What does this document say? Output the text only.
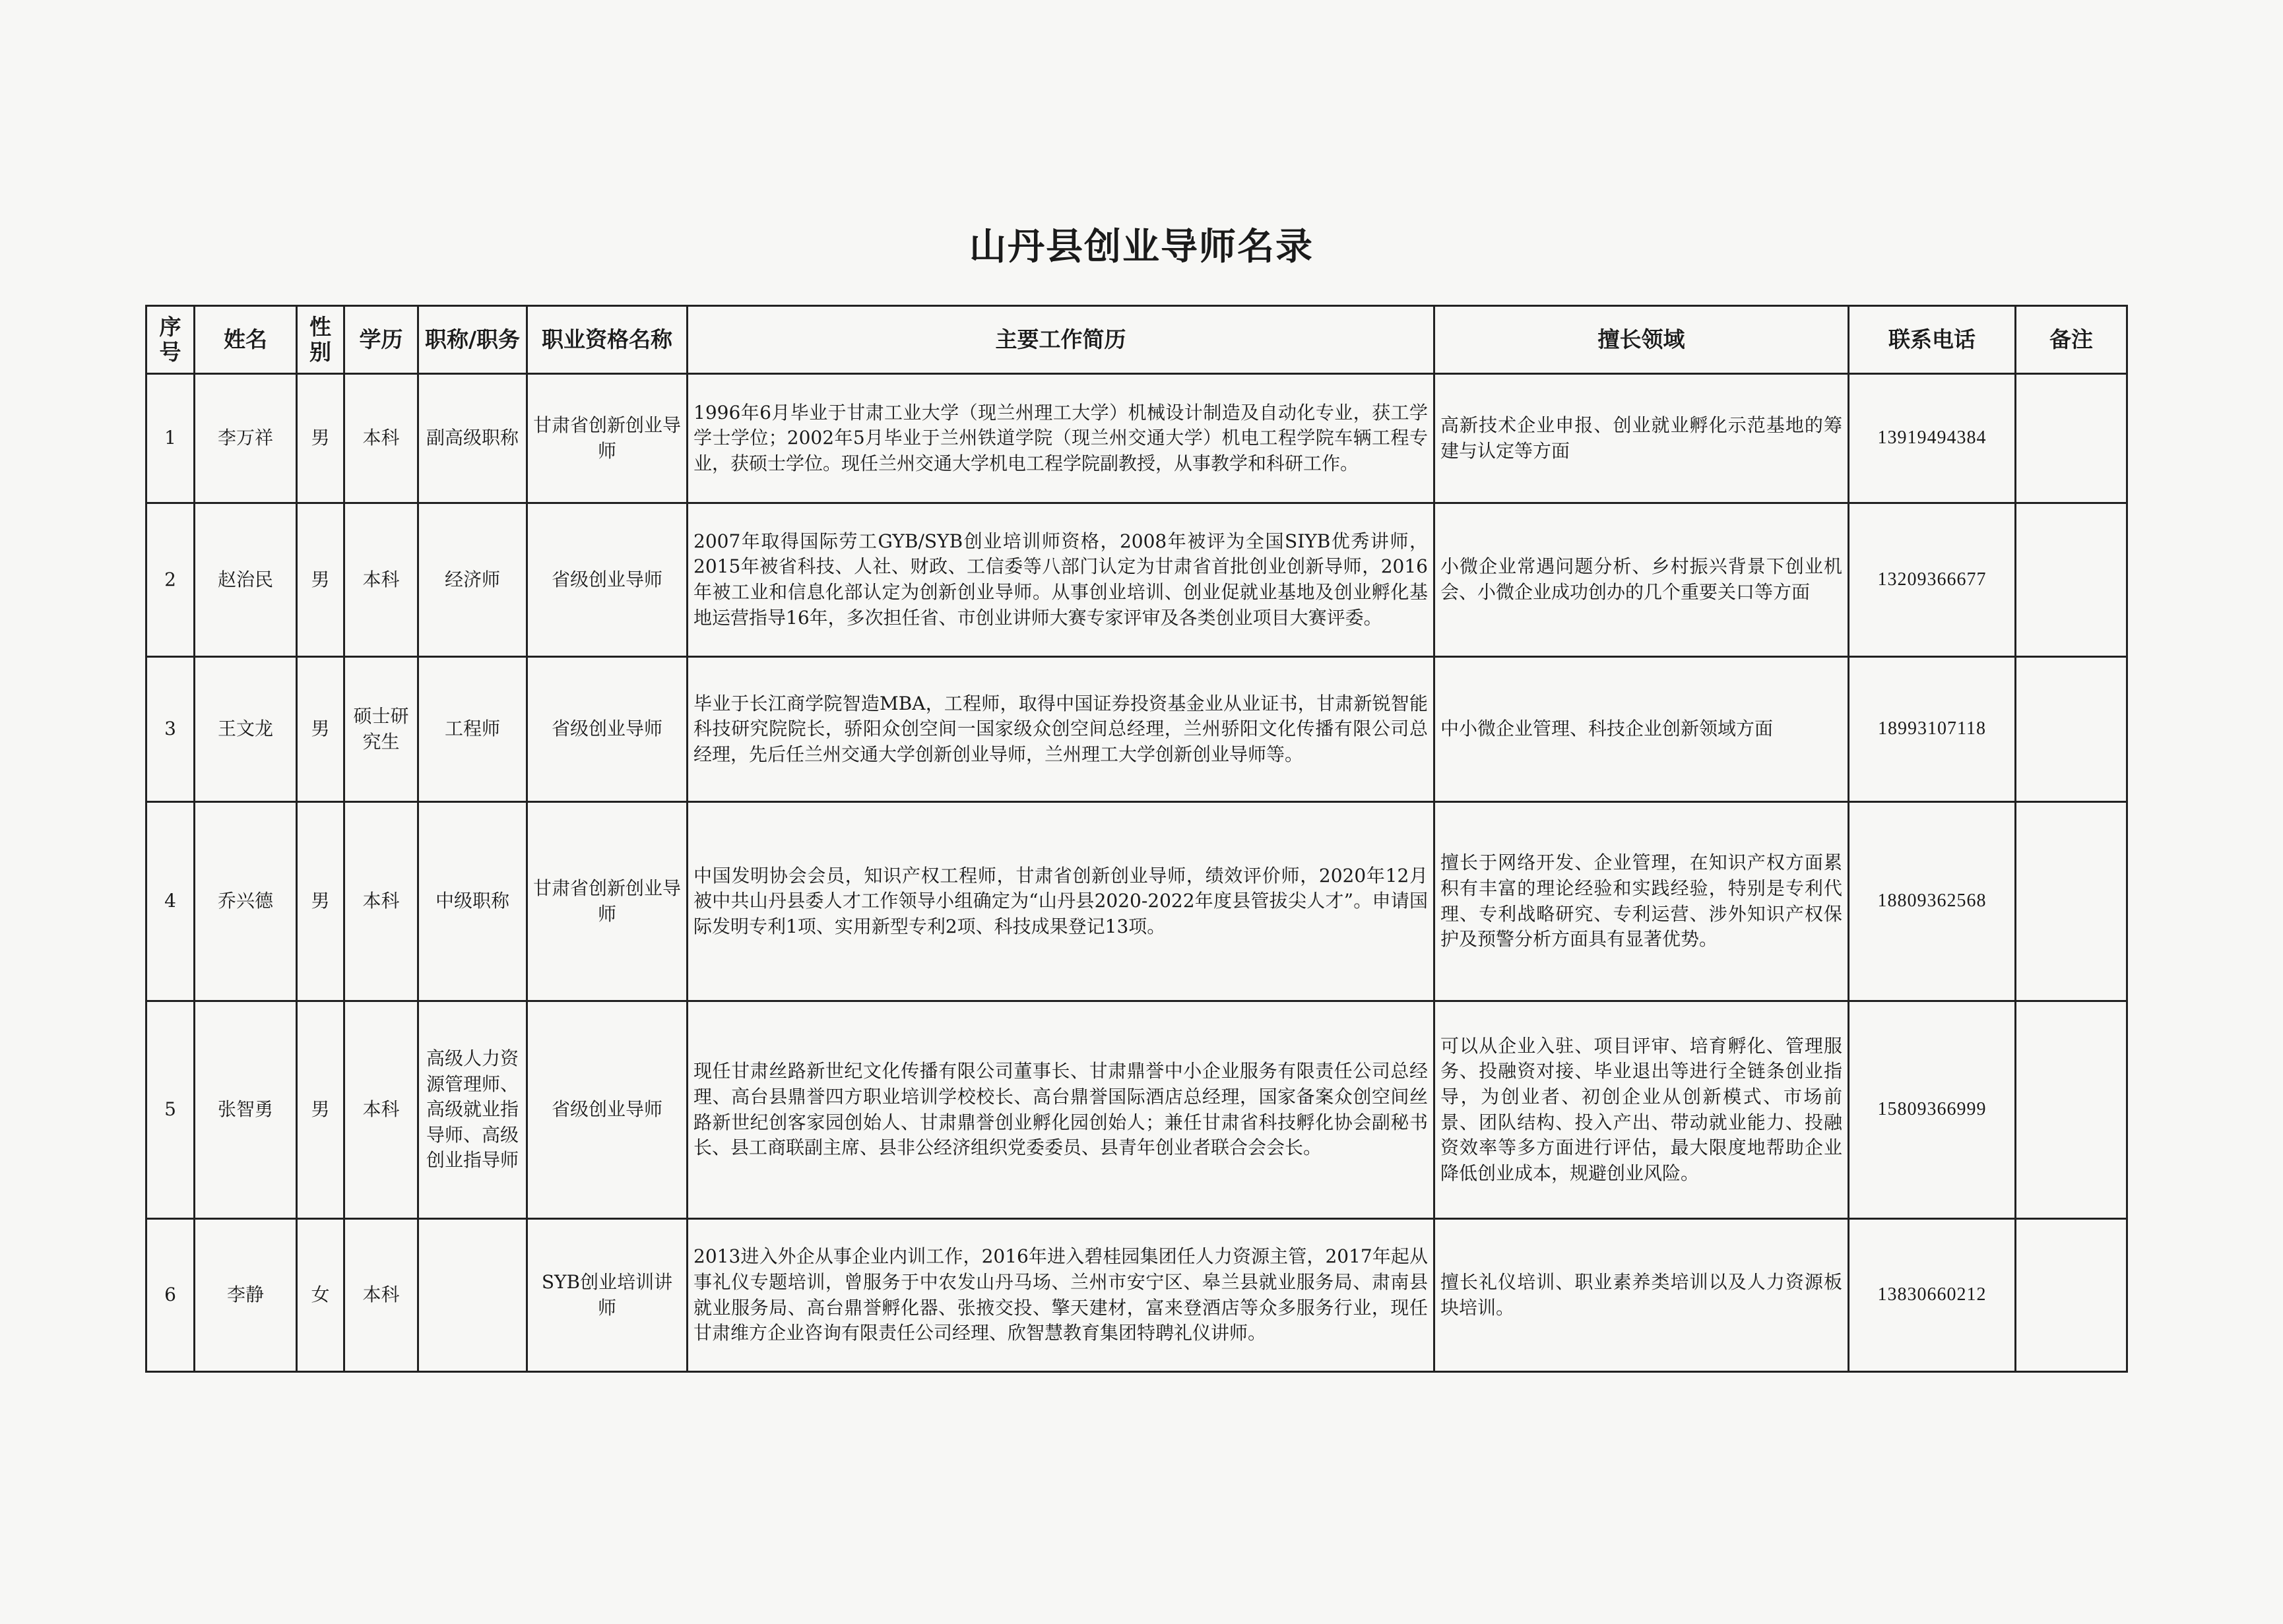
山丹县创业导师名录
序号	姓名	性别	学历	职称/职务	职业资格名称	主要工作简历	擅长领域	联系电话	备注
1	李万祥	男	本科	副高级职称	甘肃省创新创业导师	1996年6月毕业于甘肃工业大学（现兰州理工大学）机械设计制造及自动化专业，获工学学士学位；2002年5月毕业于兰州铁道学院（现兰州交通大学）机电工程学院车辆工程专业，获硕士学位。现任兰州交通大学机电工程学院副教授，从事教学和科研工作。	高新技术企业申报、创业就业孵化示范基地的筹建与认定等方面	13919494384	
2	赵治民	男	本科	经济师	省级创业导师	2007年取得国际劳工GYB/SYB创业培训师资格，2008年被评为全国SIYB优秀讲师，2015年被省科技、人社、财政、工信委等八部门认定为甘肃省首批创业创新导师，2016年被工业和信息化部认定为创新创业导师。从事创业培训、创业促就业基地及创业孵化基地运营指导16年，多次担任省、市创业讲师大赛专家评审及各类创业项目大赛评委。	小微企业常遇问题分析、乡村振兴背景下创业机会、小微企业成功创办的几个重要关口等方面	13209366677	
3	王文龙	男	硕士研究生	工程师	省级创业导师	毕业于长江商学院智造MBA，工程师，取得中国证券投资基金业从业证书，甘肃新锐智能科技研究院院长，骄阳众创空间一国家级众创空间总经理，兰州骄阳文化传播有限公司总经理，先后任兰州交通大学创新创业导师，兰州理工大学创新创业导师等。	中小微企业管理、科技企业创新领域方面	18993107118	
4	乔兴德	男	本科	中级职称	甘肃省创新创业导师	中国发明协会会员，知识产权工程师，甘肃省创新创业导师，绩效评价师，2020年12月被中共山丹县委人才工作领导小组确定为“山丹县2020-2022年度县管拔尖人才”。申请国际发明专利1项、实用新型专利2项、科技成果登记13项。	擅长于网络开发、企业管理，在知识产权方面累积有丰富的理论经验和实践经验，特别是专利代理、专利战略研究、专利运营、涉外知识产权保护及预警分析方面具有显著优势。	18809362568	
5	张智勇	男	本科	高级人力资源管理师、高级就业指导师、高级创业指导师	省级创业导师	现任甘肃丝路新世纪文化传播有限公司董事长、甘肃鼎誉中小企业服务有限责任公司总经理、高台县鼎誉四方职业培训学校校长、高台鼎誉国际酒店总经理，国家备案众创空间丝路新世纪创客家园创始人、甘肃鼎誉创业孵化园创始人；兼任甘肃省科技孵化协会副秘书长、县工商联副主席、县非公经济组织党委委员、县青年创业者联合会会长。	可以从企业入驻、项目评审、培育孵化、管理服务、投融资对接、毕业退出等进行全链条创业指导，为创业者、初创企业从创新模式、市场前景、团队结构、投入产出、带动就业能力、投融资效率等多方面进行评估，最大限度地帮助企业降低创业成本，规避创业风险。	15809366999	
6	李静	女	本科		SYB创业培训讲师	2013进入外企从事企业内训工作，2016年进入碧桂园集团任人力资源主管，2017年起从事礼仪专题培训，曾服务于中农发山丹马场、兰州市安宁区、皋兰县就业服务局、肃南县就业服务局、高台鼎誉孵化器、张掖交投、擎天建材，富来登酒店等众多服务行业，现任甘肃维方企业咨询有限责任公司经理、欣智慧教育集团特聘礼仪讲师。	擅长礼仪培训、职业素养类培训以及人力资源板块培训。	13830660212	
